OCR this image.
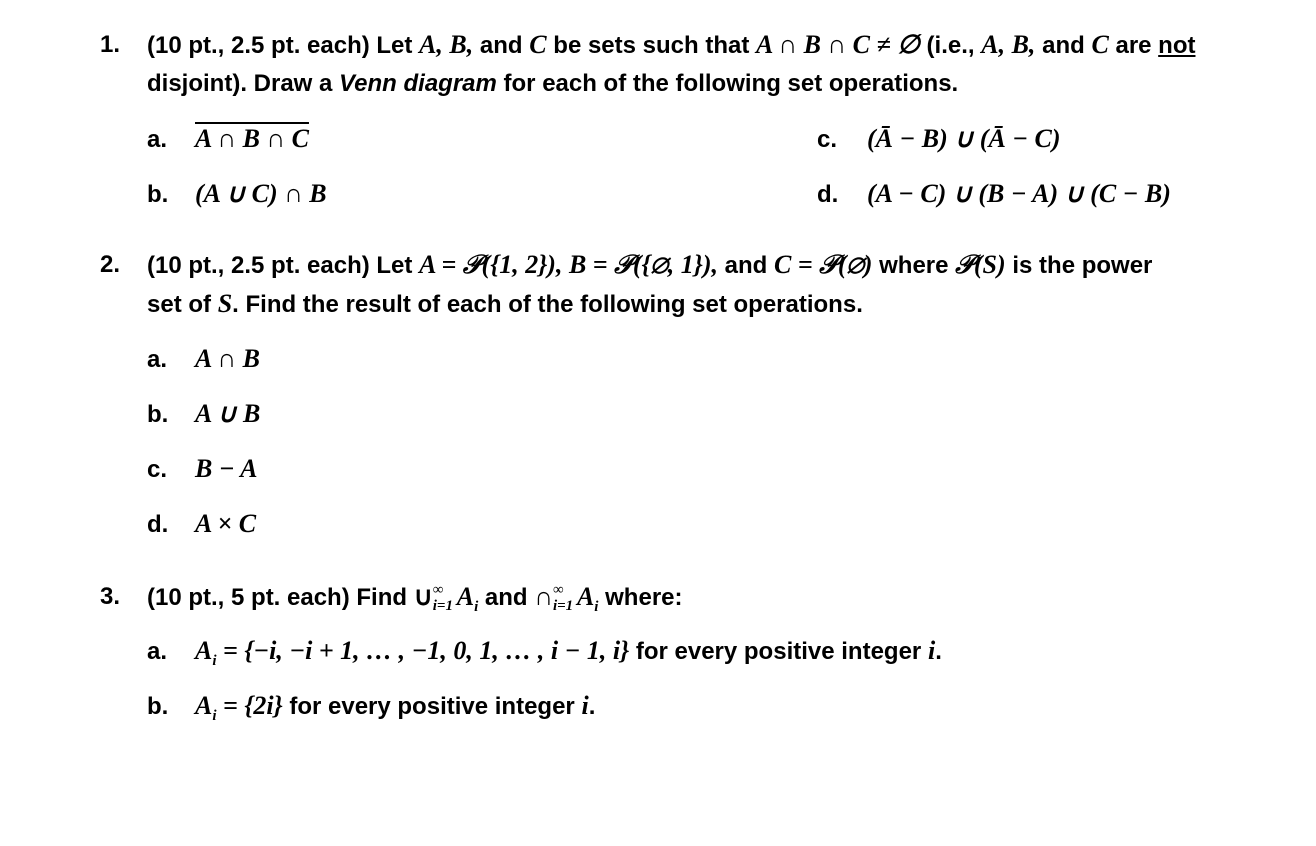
1. (10 pt., 2.5 pt. each) Let A, B, and C be sets such that A ∩ B ∩ C ≠ ∅ (i.e., A, B, and C are not
disjoint). Draw a Venn diagram for each of the following set operations.
a. A ∩ B ∩ C	c. (Ā − B) ∪ (Ā − C)
b. (A ∪ C) ∩ B	d. (A − C) ∪ (B − A) ∪ (C − B)
2. (10 pt., 2.5 pt. each) Let A = 𝒫({1, 2}), B = 𝒫({∅, 1}), and C = 𝒫(∅) where 𝒫(S) is the power
set of S. Find the result of each of the following set operations.
a. A ∩ B
b. A ∪ B
c. B − A
d. A × C
3. (10 pt., 5 pt. each) Find ∪ ∞
i=1 $A_i$ and ∩ ∞
i=1 $A_i$ where:
a. $A_i = \{-i$, −i + 1, … , −1, 0, 1, … , i − 1, i} for every positive integer i.
b. $A_i = \{2i\}$ for every positive integer i.
